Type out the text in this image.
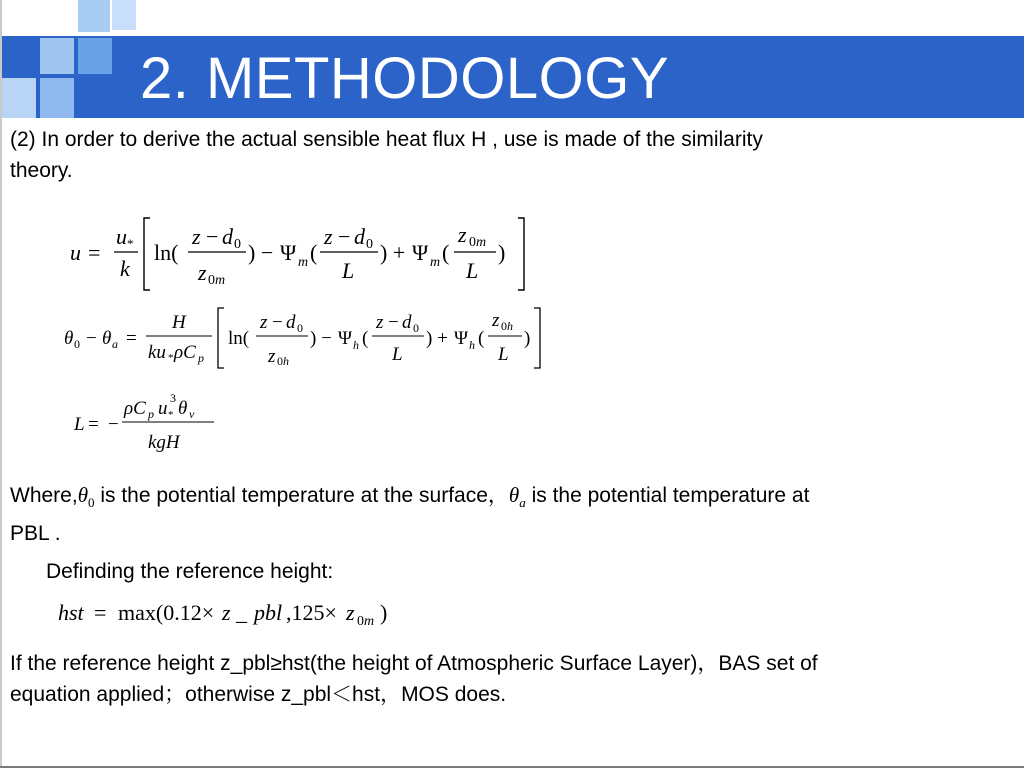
2. METHODOLOGY
(2) In order to derive the actual sensible heat flux H , use is made of the similarity
theory.
u =
u *
k
ln(
z − d 0
z 0m
) − Ψ m (
z − d 0
L
) + Ψ m (
z 0m
L
)
θ 0 − θ a =
H
ku * ρC p
ln(
z − d 0
z 0h
) − Ψ h (
z − d 0
L
) + Ψ h (
z 0h
L
)
L = −
ρC p u *
3 θ v
kgH
$Where,\theta_0$ is the potential temperature at the surface，$\theta_a$ is the potential temperature at
PBL .
Definding the reference height:
hst = max(0.12× z _ pbl ,125× z 0m )
If the reference height z_pbl≥hst(the height of Atmospheric Surface Layer)，BAS set of
equation applied；otherwise z_pbl＜hst，MOS does.
